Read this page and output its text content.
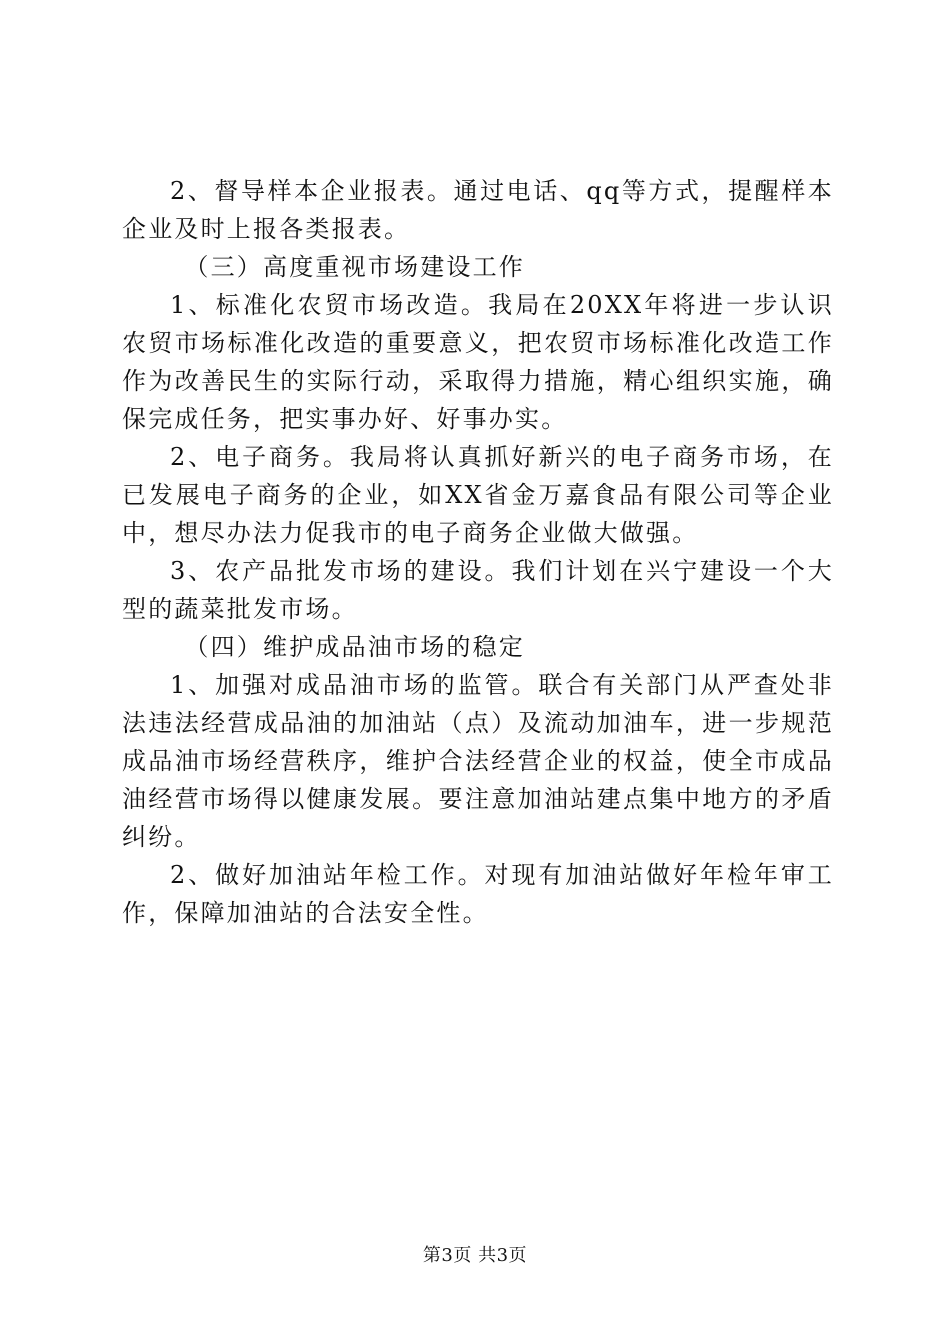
2、督导样本企业报表。通过电话、qq等方式，提醒样本企业及时上报各类报表。

（三）高度重视市场建设工作

1、标准化农贸市场改造。我局在20XX年将进一步认识农贸市场标准化改造的重要意义，把农贸市场标准化改造工作作为改善民生的实际行动，采取得力措施，精心组织实施，确保完成任务，把实事办好、好事办实。

2、电子商务。我局将认真抓好新兴的电子商务市场，在已发展电子商务的企业，如XX省金万嘉食品有限公司等企业中，想尽办法力促我市的电子商务企业做大做强。

3、农产品批发市场的建设。我们计划在兴宁建设一个大型的蔬菜批发市场。

（四）维护成品油市场的稳定

1、加强对成品油市场的监管。联合有关部门从严查处非法违法经营成品油的加油站（点）及流动加油车，进一步规范成品油市场经营秩序，维护合法经营企业的权益，使全市成品油经营市场得以健康发展。要注意加油站建点集中地方的矛盾纠纷。

2、做好加油站年检工作。对现有加油站做好年检年审工作，保障加油站的合法安全性。

第3页 共3页
